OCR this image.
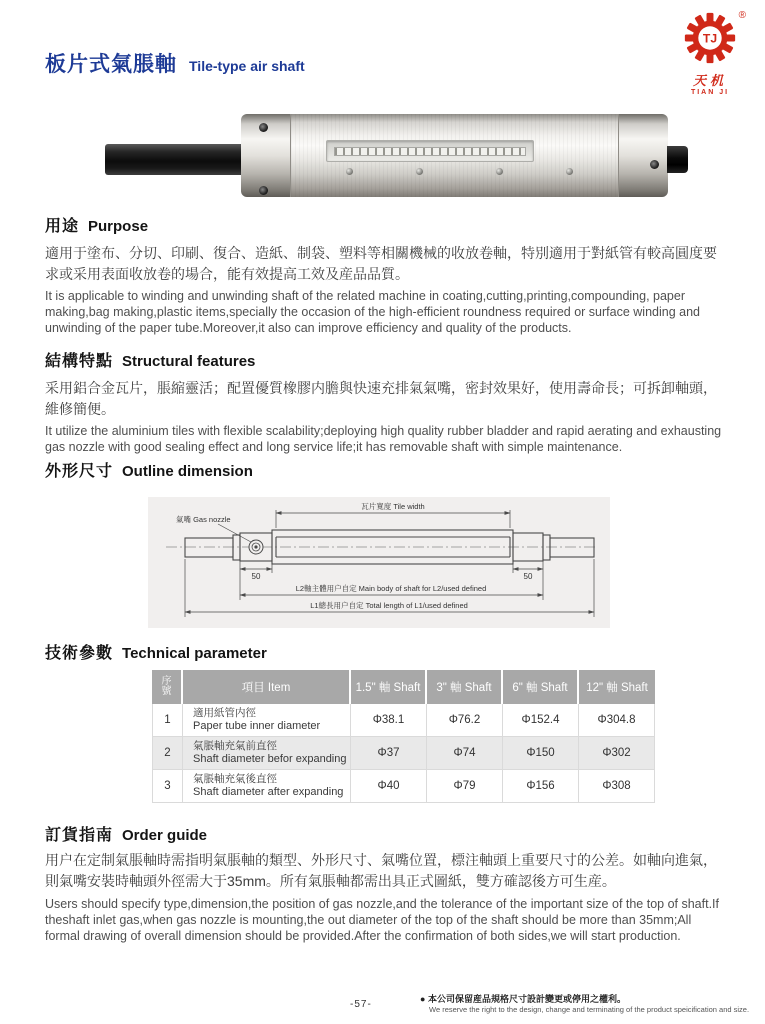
板片式氣脹軸 Tile-type air shaft
®
TJ
天机
TIAN JI
用途 Purpose
適用于塗布、分切、印刷、復合、造紙、制袋、塑料等相關機械的收放卷軸，特別適用于對紙管有較高圓度要求或采用表面收放卷的場合，能有效提高工效及産品品質。
It is applicable to winding and unwinding shaft of the related machine in coating,cutting,printing,compounding, paper making,bag making,plastic items,specially the occasion of the high-efficient roundness required or surface winding and unwinding of the paper tube.Moreover,it also can improve efficiency and quality of the products.
結構特點 Structural features
采用鋁合金瓦片，脹縮靈活；配置優質橡膠内膽與快速充排氣氣嘴，密封效果好，使用壽命長；可拆卸軸頭，維修簡便。
It utilize the aluminium tiles with flexible scalability;deploying high quality rubber bladder and rapid aerating and exhausting gas nozzle with good sealing effect and long service life;it has removable shaft with simple maintenance.
外形尺寸 Outline dimension
氣嘴 Gas nozzle
瓦片寬度 Tile width
50	50
L2軸主體用户自定 Main body of shaft for L2/used defined
L1總長用户自定 Total length of L1/used defined
技術參數 Technical parameter
序
號	項目 Item	1.5" 軸 Shaft	3" 軸 Shaft	6" 軸 Shaft	12" 軸 Shaft
1
適用紙管内徑
Paper tube inner diameter	Φ38.1	Φ76.2	Φ152.4	Φ304.8
2
氣脹軸充氣前直徑
Shaft diameter befor expanding	Φ37	Φ74	Φ150	Φ302
3
氣脹軸充氣後直徑
Shaft diameter after expanding	Φ40	Φ79	Φ156	Φ308
訂貨指南 Order guide
用户在定制氣脹軸時需指明氣脹軸的類型、外形尺寸、氣嘴位置，標注軸頭上重要尺寸的公差。如軸向進氣，則氣嘴安裝時軸頭外徑需大于35mm。所有氣脹軸都需出具正式圖紙，雙方確認後方可生産。
Users should specify type,dimension,the position of gas nozzle,and the tolerance of the important size of the top of shaft.If theshaft inlet gas,when gas nozzle is mounting,the out diameter of the top of the shaft should be more than 35mm;All formal drawing of overall dimension should be provided.After the confirmation of both sides,we will start production.
-57-	● 本公司保留産品規格尺寸設計變更或停用之權利。
We reserve the right to the design, change and terminating of the product speicification and size.
